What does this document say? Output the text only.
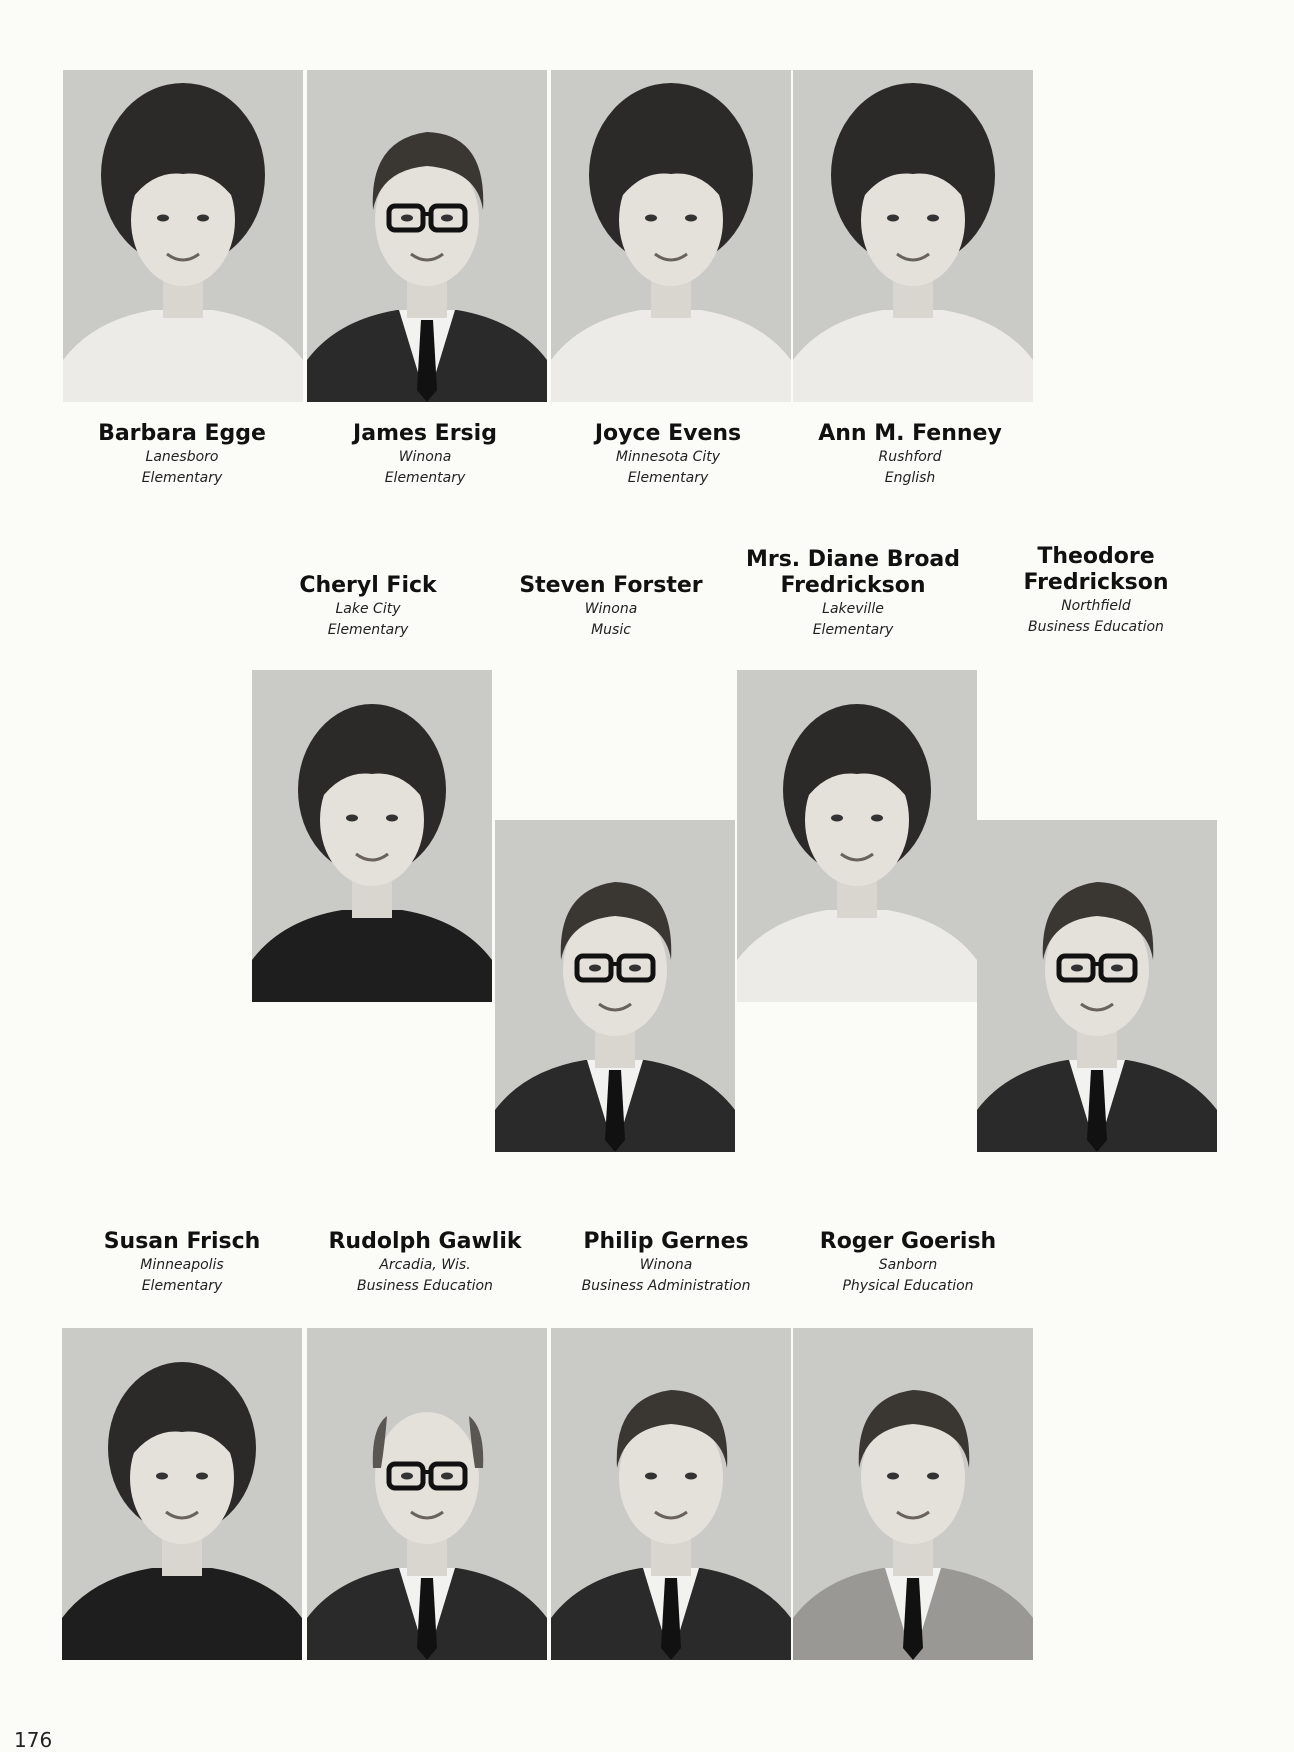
Barbara Egge
Lanesboro
Elementary
James Ersig
Winona
Elementary
Joyce Evens
Minnesota City
Elementary
Ann M. Fenney
Rushford
English
Cheryl Fick
Lake City
Elementary
Steven Forster
Winona
Music
Mrs. Diane Broad
Fredrickson
Lakeville
Elementary
Theodore
Fredrickson
Northfield
Business Education
Susan Frisch
Minneapolis
Elementary
Rudolph Gawlik
Arcadia, Wis.
Business Education
Philip Gernes
Winona
Business Administration
Roger Goerish
Sanborn
Physical Education
176
